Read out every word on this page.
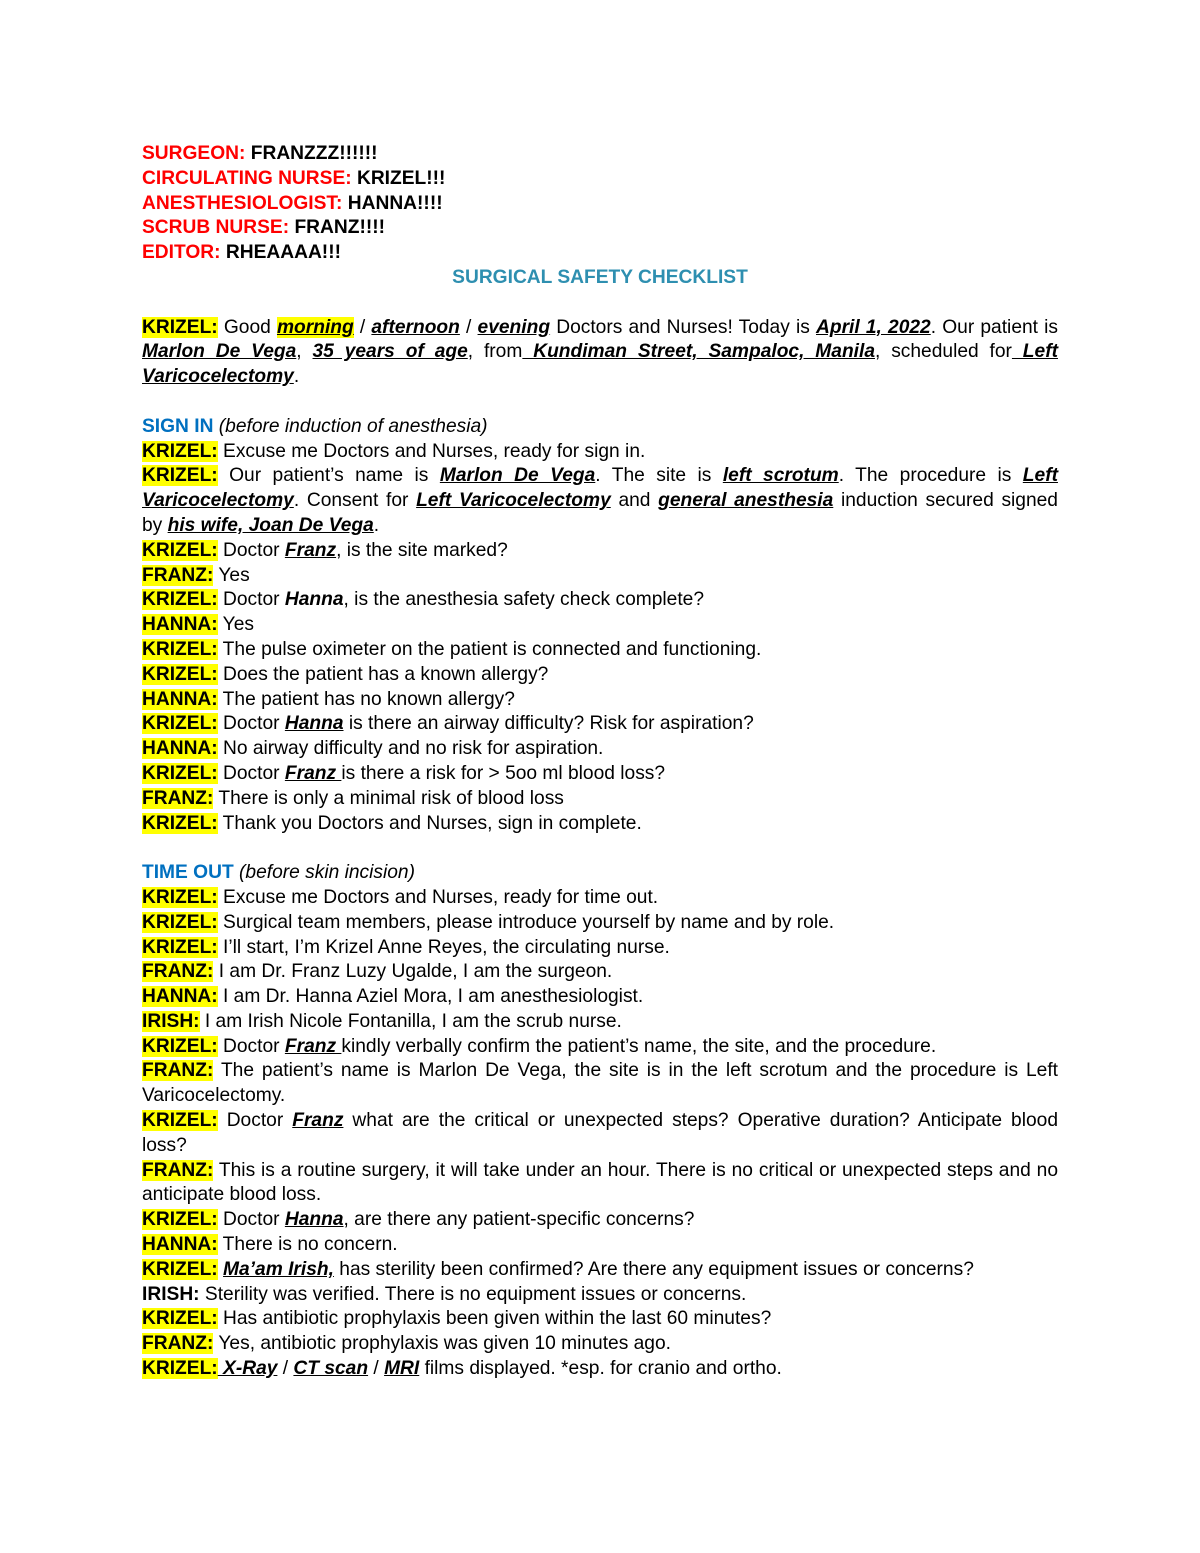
SURGEON: FRANZZZ!!!!!!

CIRCULATING NURSE: KRIZEL!!!

ANESTHESIOLOGIST: HANNA!!!!

SCRUB NURSE: FRANZ!!!!

EDITOR: RHEAAAA!!!

SURGICAL SAFETY CHECKLIST

KRIZEL: Good morning / afternoon / evening Doctors and Nurses! Today is April 1, 2022. Our patient is Marlon De Vega, 35 years of age, from Kundiman Street, Sampaloc, Manila, scheduled for Left Varicocelectomy.

SIGN IN (before induction of anesthesia)

KRIZEL: Excuse me Doctors and Nurses, ready for sign in.

KRIZEL: Our patient’s name is Marlon De Vega. The site is left scrotum. The procedure is Left Varicocelectomy. Consent for Left Varicocelectomy and general anesthesia induction secured signed by his wife, Joan De Vega.

KRIZEL: Doctor Franz, is the site marked?

FRANZ: Yes

KRIZEL: Doctor Hanna, is the anesthesia safety check complete?

HANNA: Yes

KRIZEL: The pulse oximeter on the patient is connected and functioning.

KRIZEL: Does the patient has a known allergy?

HANNA: The patient has no known allergy?

KRIZEL: Doctor Hanna is there an airway difficulty? Risk for aspiration?

HANNA: No airway difficulty and no risk for aspiration.

KRIZEL: Doctor Franz is there a risk for > 5oo ml blood loss?

FRANZ: There is only a minimal risk of blood loss

KRIZEL: Thank you Doctors and Nurses, sign in complete.

TIME OUT (before skin incision)

KRIZEL: Excuse me Doctors and Nurses, ready for time out.

KRIZEL: Surgical team members, please introduce yourself by name and by role.

KRIZEL: I’ll start, I’m Krizel Anne Reyes, the circulating nurse.

FRANZ: I am Dr. Franz Luzy Ugalde, I am the surgeon.

HANNA: I am Dr. Hanna Aziel Mora, I am anesthesiologist.

IRISH: I am Irish Nicole Fontanilla, I am the scrub nurse.

KRIZEL: Doctor Franz kindly verbally confirm the patient’s name, the site, and the procedure.

FRANZ: The patient’s name is Marlon De Vega, the site is in the left scrotum and the procedure is Left Varicocelectomy.

KRIZEL: Doctor Franz what are the critical or unexpected steps? Operative duration? Anticipate blood loss?

FRANZ: This is a routine surgery, it will take under an hour. There is no critical or unexpected steps and no anticipate blood loss.

KRIZEL: Doctor Hanna, are there any patient-specific concerns?

HANNA: There is no concern.

KRIZEL: Ma’am Irish, has sterility been confirmed? Are there any equipment issues or concerns?

IRISH: Sterility was verified. There is no equipment issues or concerns.

KRIZEL: Has antibiotic prophylaxis been given within the last 60 minutes?

FRANZ: Yes, antibiotic prophylaxis was given 10 minutes ago.

KRIZEL: X-Ray / CT scan / MRI films displayed. *esp. for cranio and ortho.
